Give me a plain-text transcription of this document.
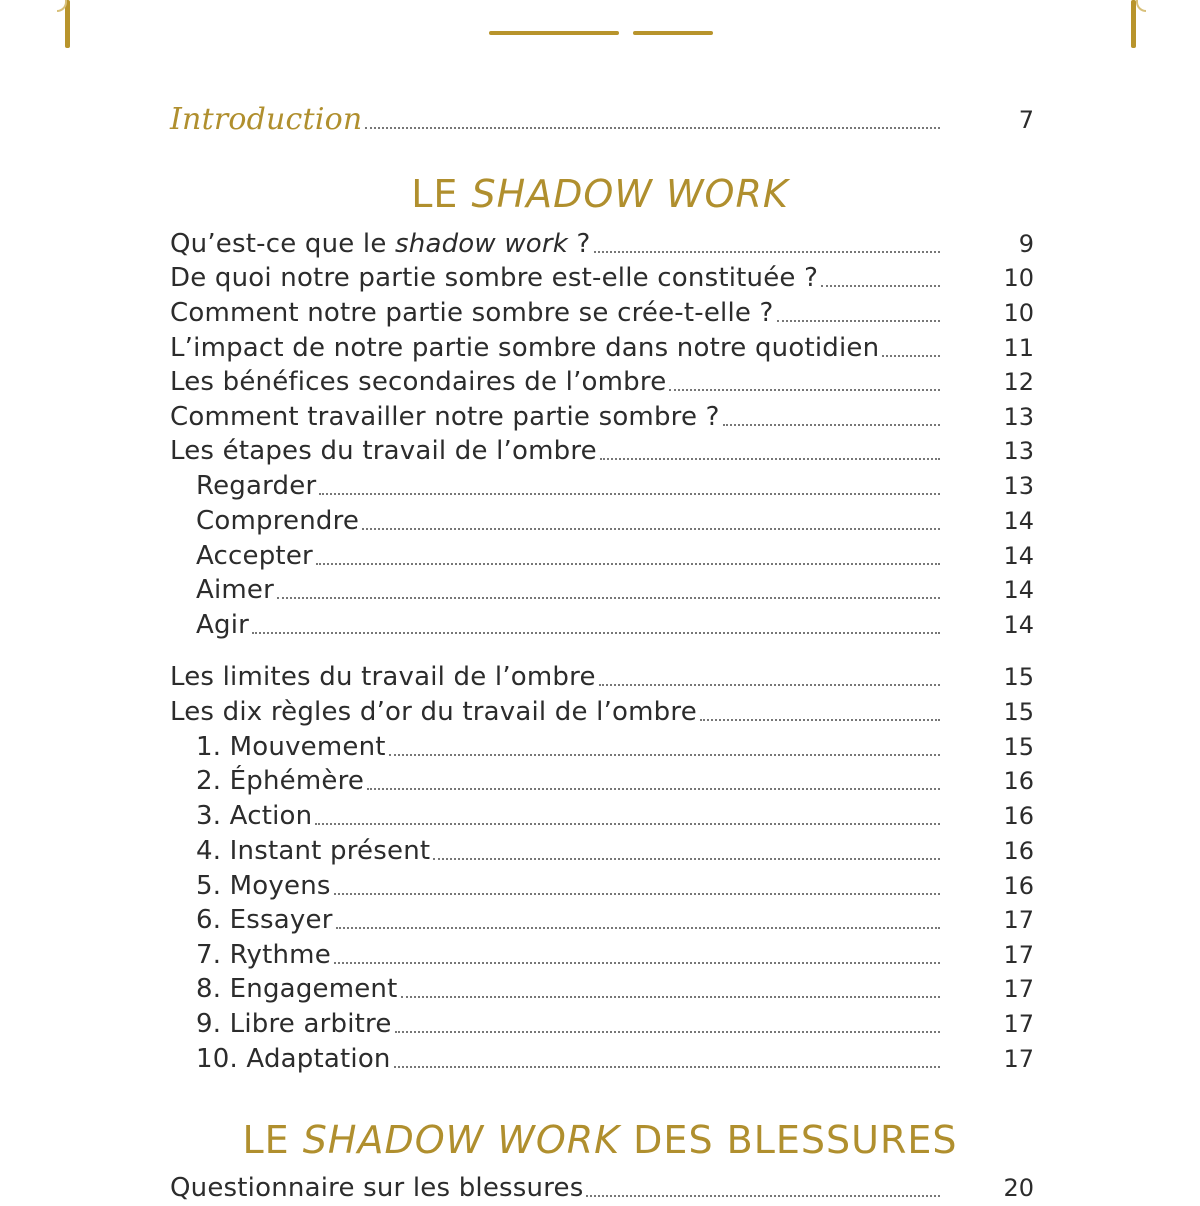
Introduction	7
LE SHADOW WORK
Qu’est-ce que le shadow work ?	9
De quoi notre partie sombre est-elle constituée ?	10
Comment notre partie sombre se crée-t-elle ?	10
L’impact de notre partie sombre dans notre quotidien	11
Les bénéfices secondaires de l’ombre	12
Comment travailler notre partie sombre ?	13
Les étapes du travail de l’ombre	13
Regarder	13
Comprendre	14
Accepter	14
Aimer	14
Agir	14
Les limites du travail de l’ombre	15
Les dix règles d’or du travail de l’ombre	15
1. Mouvement	15
2. Éphémère	16
3. Action	16
4. Instant présent	16
5. Moyens	16
6. Essayer	17
7. Rythme	17
8. Engagement	17
9. Libre arbitre	17
10. Adaptation	17
LE SHADOW WORK DES BLESSURES
Questionnaire sur les blessures	20
